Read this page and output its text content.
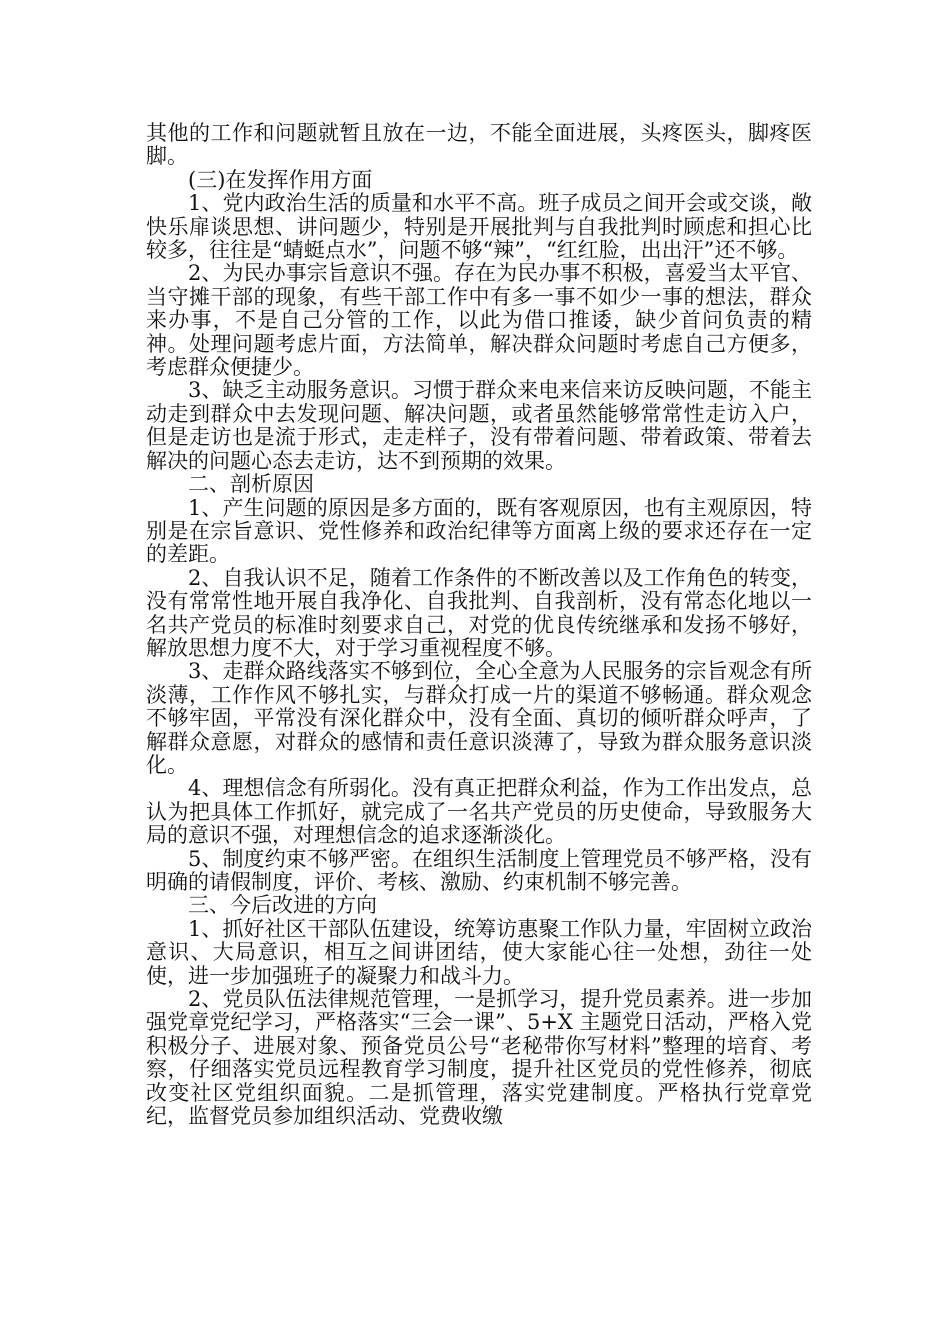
其他的工作和问题就暂且放在一边，不能全面进展，头疼医头，脚疼医脚。

(三)在发挥作用方面

1、党内政治生活的质量和水平不高。班子成员之间开会或交谈，敞快乐扉谈思想、讲问题少，特别是开展批判与自我批判时顾虑和担心比较多，往往是“蜻蜓点水”，问题不够“辣”，“红红脸，出出汗”还不够。

2、为民办事宗旨意识不强。存在为民办事不积极，喜爱当太平官、当守摊干部的现象，有些干部工作中有多一事不如少一事的想法，群众来办事，不是自己分管的工作，以此为借口推诿，缺少首问负责的精神。处理问题考虑片面，方法简单，解决群众问题时考虑自己方便多，考虑群众便捷少。

3、缺乏主动服务意识。习惯于群众来电来信来访反映问题，不能主动走到群众中去发现问题、解决问题，或者虽然能够常常性走访入户，但是走访也是流于形式，走走样子，没有带着问题、带着政策、带着去解决的问题心态去走访，达不到预期的效果。

二、剖析原因

1、产生问题的原因是多方面的，既有客观原因，也有主观原因，特别是在宗旨意识、党性修养和政治纪律等方面离上级的要求还存在一定的差距。

2、自我认识不足，随着工作条件的不断改善以及工作角色的转变，没有常常性地开展自我净化、自我批判、自我剖析，没有常态化地以一名共产党员的标准时刻要求自己，对党的优良传统继承和发扬不够好，解放思想力度不大，对于学习重视程度不够。

3、走群众路线落实不够到位，全心全意为人民服务的宗旨观念有所淡薄，工作作风不够扎实，与群众打成一片的渠道不够畅通。群众观念不够牢固，平常没有深化群众中，没有全面、真切的倾听群众呼声，了解群众意愿，对群众的感情和责任意识淡薄了，导致为群众服务意识淡化。

4、理想信念有所弱化。没有真正把群众利益，作为工作出发点，总认为把具体工作抓好，就完成了一名共产党员的历史使命，导致服务大局的意识不强，对理想信念的追求逐渐淡化。

5、制度约束不够严密。在组织生活制度上管理党员不够严格，没有明确的请假制度，评价、考核、激励、约束机制不够完善。

三、今后改进的方向

1、抓好社区干部队伍建设，统筹访惠聚工作队力量，牢固树立政治意识、大局意识，相互之间讲团结，使大家能心往一处想，劲往一处使，进一步加强班子的凝聚力和战斗力。

2、党员队伍法律规范管理，一是抓学习，提升党员素养。进一步加强党章党纪学习，严格落实“三会一课”、5+X 主题党日活动，严格入党积极分子、进展对象、预备党员公号“老秘带你写材料”整理的培育、考察，仔细落实党员远程教育学习制度，提升社区党员的党性修养，彻底改变社区党组织面貌。二是抓管理，落实党建制度。严格执行党章党纪，监督党员参加组织活动、党费收缴
